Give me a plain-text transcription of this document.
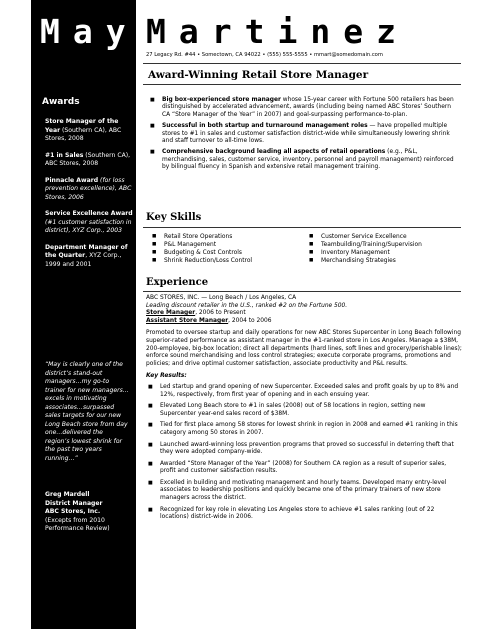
May Martinez
27 Legacy Rd. #44 • Somectown, CA 94022 • (555) 555-5555 • mmart@somedomain.com
Awards
Store Manager of the Year (Southern CA), ABC Stores, 2008
#1 in Sales (Southern CA), ABC Stores, 2008
Pinnacle Award (for loss prevention excellence), ABC Stores, 2006
Service Excellence Award (#1 customer satisfaction in district), XYZ Corp., 2003
Department Manager of the Quarter, XYZ Corp., 1999 and 2001
“May is clearly one of the district’s stand-out managers…my go-to trainer for new managers…excels in motivating associates…surpassed sales targets for our new Long Beach store from day one…delivered the region’s lowest shrink for the past two years running…”
Greg Mardell
District Manager
ABC Stores, Inc.
(Excepts from 2010 Performance Review)
Award-Winning Retail Store Manager
■ Big box-experienced store manager whose 15-year career with Fortune 500 retailers has been distinguished by accelerated advancement, awards (including being named ABC Stores’ Southern CA “Store Manager of the Year” in 2007) and goal-surpassing performance-to-plan.
■ Successful in both startup and turnaround management roles — have propelled multiple stores to #1 in sales and customer satisfaction district-wide while simultaneously lowering shrink and staff turnover to all-time lows.
■ Comprehensive background leading all aspects of retail operations (e.g., P&L, merchandising, sales, customer service, inventory, personnel and payroll management) reinforced by bilingual fluency in Spanish and extensive retail management training.
Key Skills
■ Retail Store Operations	■ Customer Service Excellence
■ P&L Management	■ Teambuilding/Training/Supervision
■ Budgeting & Cost Controls	■ Inventory Management
■ Shrink Reduction/Loss Control	■ Merchandising Strategies
Experience

ABC STORES, INC. — Long Beach / Los Angeles, CA

Leading discount retailer in the U.S., ranked #2 on the Fortune 500.

Store Manager, 2006 to Present

Assistant Store Manager, 2004 to 2006

Promoted to oversee startup and daily operations for new ABC Stores Supercenter in Long Beach following superior-rated performance as assistant manager in the #1-ranked store in Los Angeles. Manage a $38M, 200-employee, big-box location; direct all departments (hard lines, soft lines and grocery/perishable lines); enforce sound merchandising and loss control strategies; execute corporate programs, promotions and policies; and drive optimal customer satisfaction, associate productivity and P&L results.

Key Results:

■ Led startup and grand opening of new Supercenter. Exceeded sales and profit goals by up to 8% and 12%, respectively, from first year of opening and in each ensuing year.
■ Elevated Long Beach store to #1 in sales (2008) out of 58 locations in region, setting new Supercenter year-end sales record of $38M.
■ Tied for first place among 58 stores for lowest shrink in region in 2008 and earned #1 ranking in this category among 50 stores in 2007.
■ Launched award-winning loss prevention programs that proved so successful in deterring theft that they were adopted company-wide.
■ Awarded “Store Manager of the Year” (2008) for Southern CA region as a result of superior sales, profit and customer satisfaction results.
■ Excelled in building and motivating management and hourly teams. Developed many entry-level associates to leadership positions and quickly became one of the primary trainers of new store managers across the district.
■ Recognized for key role in elevating Los Angeles store to achieve #1 sales ranking (out of 22 locations) district-wide in 2006.
